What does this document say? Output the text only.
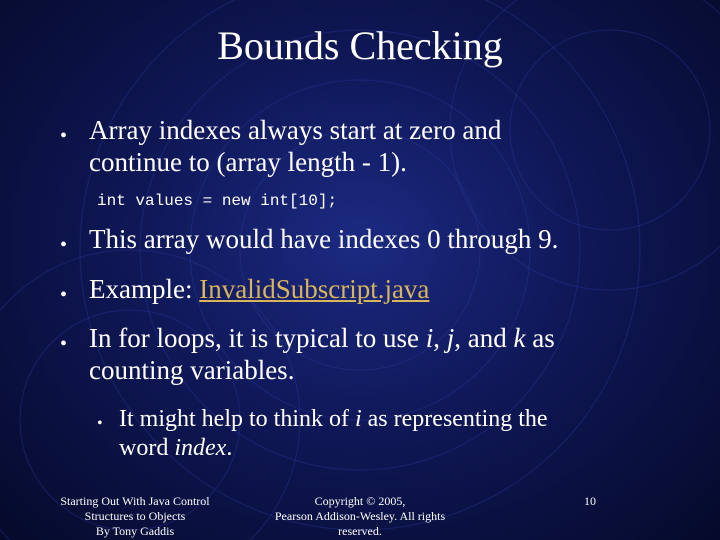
Bounds Checking
• Array indexes always start at zero and
continue to (array length - 1).
int values = new int[10];
• This array would have indexes 0 through 9.
• Example: InvalidSubscript.java
• In for loops, it is typical to use i, j, and k as
counting variables.
• It might help to think of i as representing the
word index.
Starting Out With Java Control
Structures to Objects
By Tony Gaddis
Copyright © 2005,
Pearson Addison-Wesley. All rights
reserved.
10
